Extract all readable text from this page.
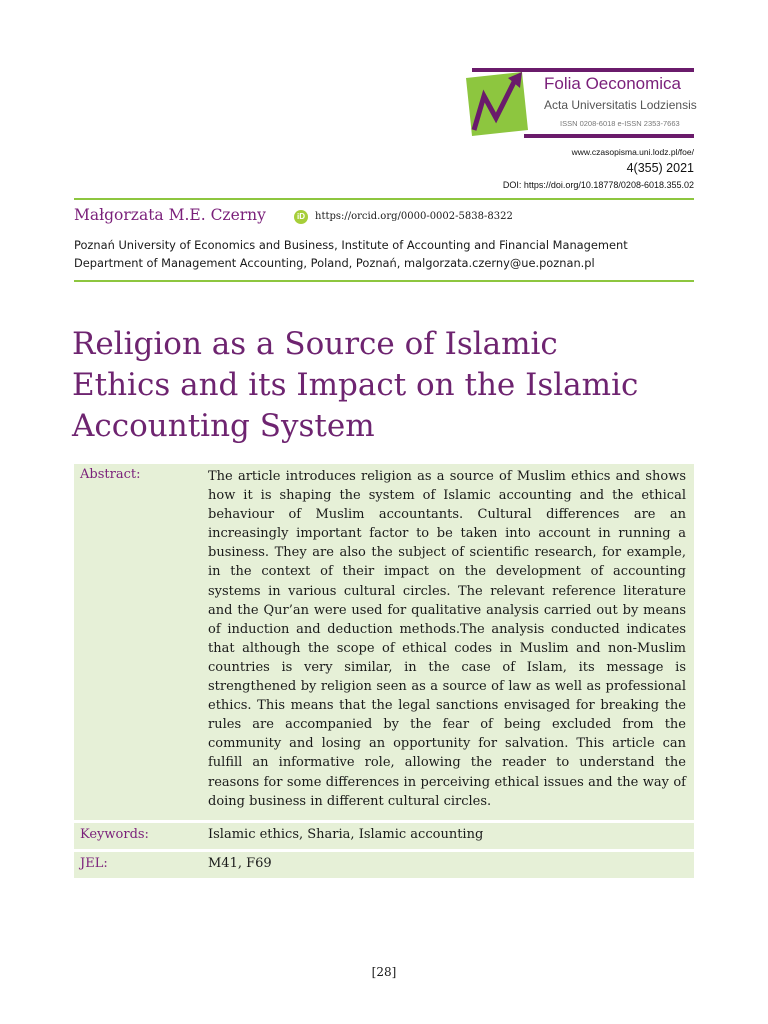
Folia Oeconomica
Acta Universitatis Lodziensis
ISSN 0208-6018 e-ISSN 2353-7663
www.czasopisma.uni.lodz.pl/foe/
4(355) 2021
DOI: https://doi.org/10.18778/0208-6018.355.02
Małgorzata M.E. Czerny	iD	https://orcid.org/0000-0002-5838-8322
Poznań University of Economics and Business, Institute of Accounting and Financial Management
Department of Management Accounting, Poland, Poznań, malgorzata.czerny@ue.poznan.pl
Religion as a Source of Islamic
Ethics and its Impact on the Islamic
Accounting System
Abstract:	The article introduces religion as a source of Muslim ethics and shows how it is shaping the system of Islamic accounting and the ethical behaviour of Muslim accountants. Cultural differences are an increasingly important factor to be taken into account in running a business. They are also the subject of scientific research, for example, in the context of their impact on the development of accounting systems in various cultural circles. The relevant reference literature and the Qur’an were used for qualitative analysis carried out by means of induction and deduction methods.The analysis conducted indicates that although the scope of ethical codes in Muslim and non-Muslim countries is very similar, in the case of Islam, its message is strengthened by religion seen as a source of law as well as professional ethics. This means that the legal sanctions envisaged for breaking the rules are accompanied by the fear of being excluded from the community and losing an opportunity for salvation. This article can fulfill an informative role, allowing the reader to understand the reasons for some differences in perceiving ethical issues and the way of doing business in different cultural circles.

Keywords:	Islamic ethics, Sharia, Islamic accounting
JEL:	M41, F69
[28]
